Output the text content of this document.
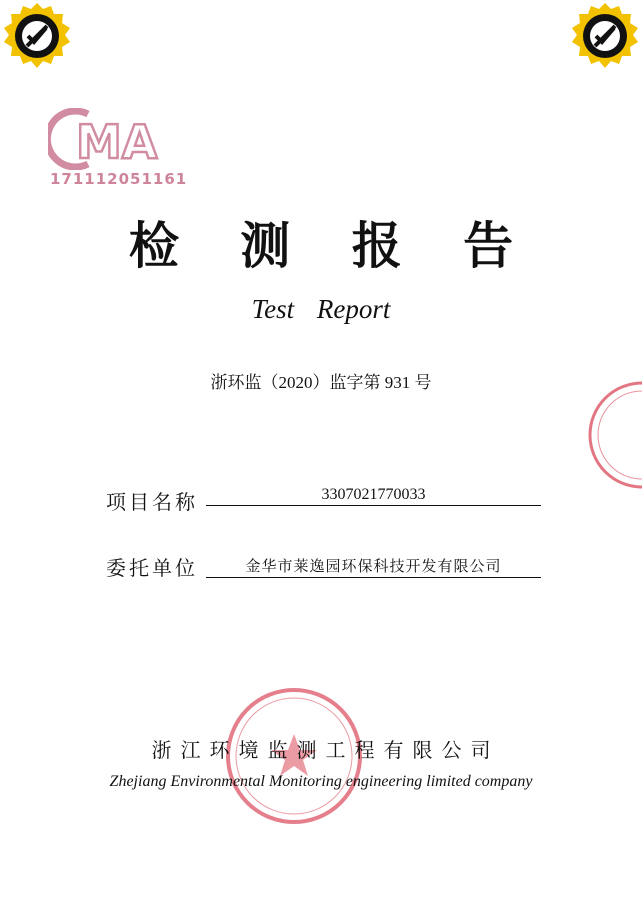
MA
171112051161
检 测 报 告
Test Report
浙环监（2020）监字第 931 号
项目名称	3307021770033
委托单位	金华市莱逸园环保科技开发有限公司
浙江环境监测工程有限公司
Zhejiang Environmental Monitoring engineering limited company
